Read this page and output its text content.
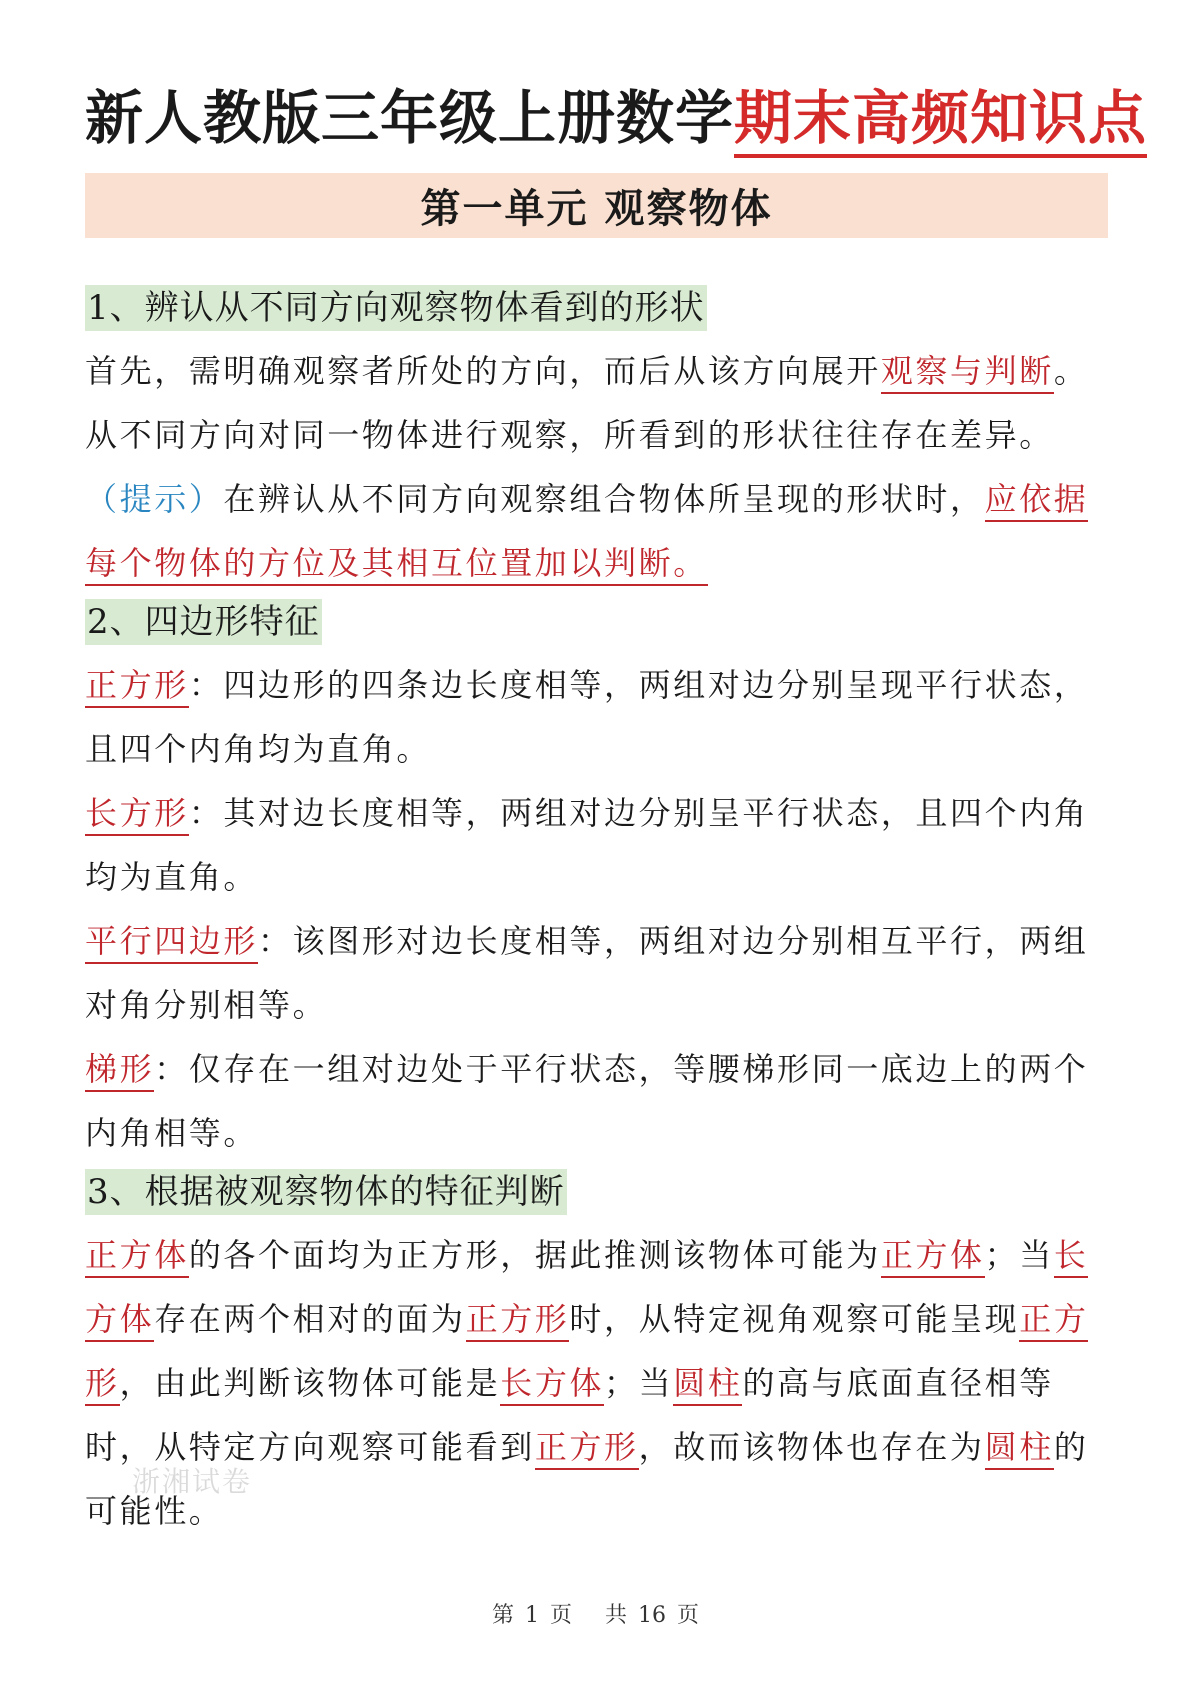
新人教版三年级上册数学期末高频知识点
第一单元 观察物体
1、辨认从不同方向观察物体看到的形状

首先，需明确观察者所处的方向，而后从该方向展开观察与判断。从不同方向对同一物体进行观察，所看到的形状往往存在差异。

（提示）在辨认从不同方向观察组合物体所呈现的形状时，应依据每个物体的方位及其相互位置加以判断。

2、四边形特征

正方形：四边形的四条边长度相等，两组对边分别呈现平行状态，且四个内角均为直角。

长方形：其对边长度相等，两组对边分别呈平行状态，且四个内角均为直角。

平行四边形：该图形对边长度相等，两组对边分别相互平行，两组对角分别相等。

梯形：仅存在一组对边处于平行状态，等腰梯形同一底边上的两个内角相等。

3、根据被观察物体的特征判断

正方体的各个面均为正方形，据此推测该物体可能为正方体；当长方体存在两个相对的面为正方形时，从特定视角观察可能呈现正方形，由此判断该物体可能是长方体；当圆柱的高与底面直径相等时，从特定方向观察可能看到正方形，故而该物体也存在为圆柱的可能性。

浙湘试卷
第 1 页 共 16 页
